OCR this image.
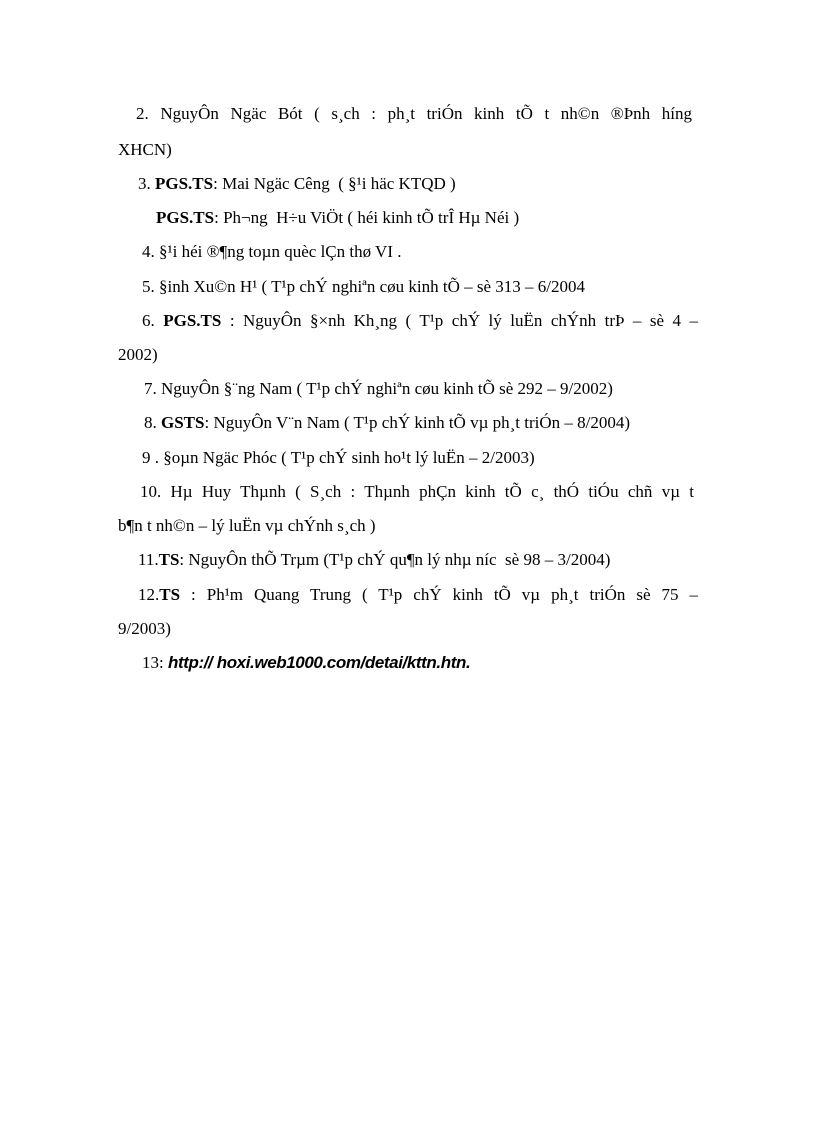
2. NguyÔn Ngäc Bót ( s¸ch : ph¸t triÓn kinh tÕ t nh©n ®Þnh híng
XHCN)
3. PGS.TS: Mai Ngäc Cêng  ( §¹i häc KTQD )
PGS.TS: Ph¬ng  H÷u ViÖt ( héi kinh tÕ trÎ Hµ Néi )
4. §¹i héi ®¶ng toµn quèc lÇn thø VI .
5. §inh Xu©n H¹ ( T¹p chÝ nghiªn cøu kinh tÕ – sè 313 – 6/2004
6. PGS.TS : NguyÔn §×nh Kh¸ng ( T¹p chÝ lý luËn chÝnh trÞ – sè 4 –
2002)
7. NguyÔn §¨ng Nam ( T¹p chÝ nghiªn cøu kinh tÕ sè 292 – 9/2002)
8. GSTS: NguyÔn V¨n Nam ( T¹p chÝ kinh tÕ vµ ph¸t triÓn – 8/2004)
9 . §oµn Ngäc Phóc ( T¹p chÝ sinh ho¹t lý luËn – 2/2003)
10. Hµ Huy Thµnh ( S¸ch : Thµnh phÇn kinh tÕ c¸ thÓ tiÓu chñ vµ t
b¶n t nh©n – lý luËn vµ chÝnh s¸ch )
11.TS: NguyÔn thÕ Trµm (T¹p chÝ qu¶n lý nhµ níc  sè 98 – 3/2004)
12.TS : Ph¹m Quang Trung ( T¹p chÝ kinh tÕ vµ ph¸t triÓn sè 75 –
9/2003)
13: http:// hoxi.web1000.com/detai/kttn.htn.
